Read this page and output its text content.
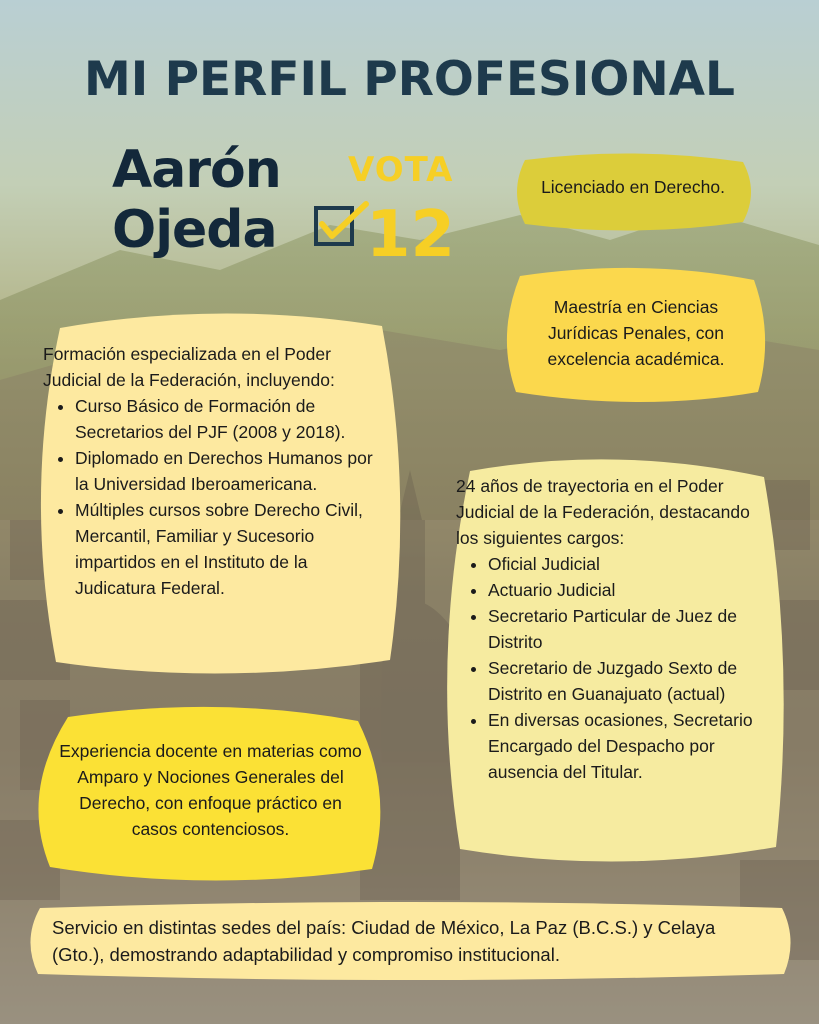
MI PERFIL PROFESIONAL
Aarón
Ojeda
VOTA
12
Licenciado en Derecho.
Maestría en Ciencias Jurídicas Penales, con excelencia académica.
Formación especializada en el Poder Judicial de la Federación, incluyendo:
• Curso Básico de Formación de Secretarios del PJF (2008 y 2018).
• Diplomado en Derechos Humanos por la Universidad Iberoamericana.
• Múltiples cursos sobre Derecho Civil, Mercantil, Familiar y Sucesorio impartidos en el Instituto de la Judicatura Federal.
24 años de trayectoria en el Poder Judicial de la Federación, destacando los siguientes cargos:
• Oficial Judicial
• Actuario Judicial
• Secretario Particular de Juez de Distrito
• Secretario de Juzgado Sexto de Distrito en Guanajuato (actual)
• En diversas ocasiones, Secretario Encargado del Despacho por ausencia del Titular.
Experiencia docente en materias como Amparo y Nociones Generales del Derecho, con enfoque práctico en casos contenciosos.
Servicio en distintas sedes del país: Ciudad de México, La Paz (B.C.S.) y Celaya (Gto.), demostrando adaptabilidad y compromiso institucional.
